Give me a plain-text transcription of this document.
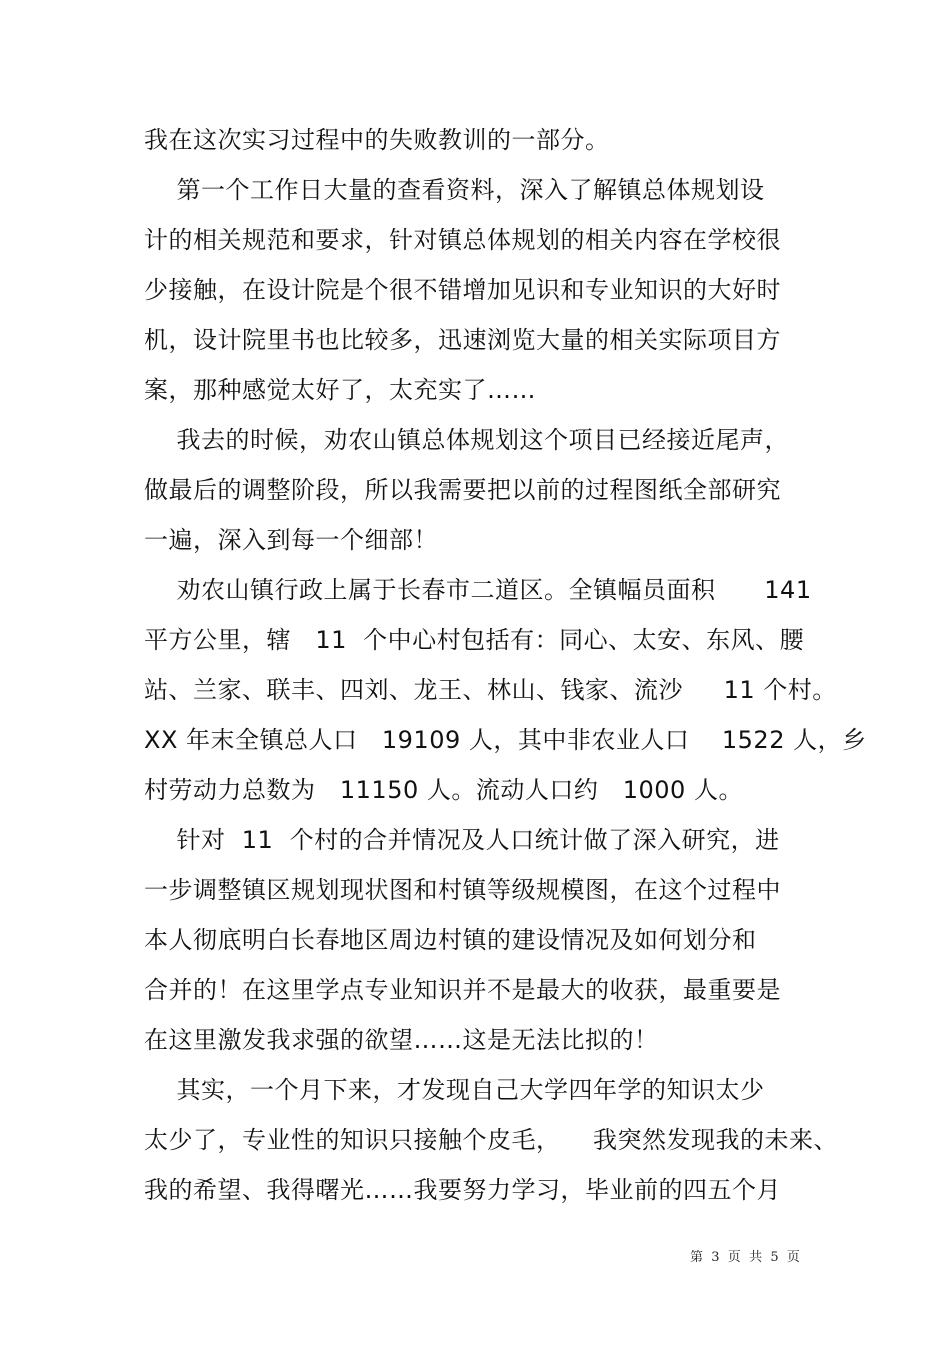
我在这次实习过程中的失败教训的一部分。
第一个工作日大量的查看资料，深入了解镇总体规划设
计的相关规范和要求，针对镇总体规划的相关内容在学校很
少接触，在设计院是个很不错增加见识和专业知识的大好时
机，设计院里书也比较多，迅速浏览大量的相关实际项目方
案，那种感觉太好了，太充实了……
我去的时候，劝农山镇总体规划这个项目已经接近尾声，
做最后的调整阶段，所以我需要把以前的过程图纸全部研究
一遍，深入到每一个细部！
劝农山镇行政上属于长春市二道区。全镇幅员面积      141
平方公里，辖   11  个中心村包括有：同心、太安、东风、腰
站、兰家、联丰、四刘、龙王、林山、钱家、流沙     11 个村。
XX 年末全镇总人口   19109 人，其中非农业人口    1522 人，乡
村劳动力总数为   11150 人。流动人口约   1000 人。
针对  11  个村的合并情况及人口统计做了深入研究，进
一步调整镇区规划现状图和村镇等级规模图，在这个过程中
本人彻底明白长春地区周边村镇的建设情况及如何划分和
合并的！在这里学点专业知识并不是最大的收获，最重要是
在这里激发我求强的欲望……这是无法比拟的！
其实，一个月下来，才发现自己大学四年学的知识太少
太少了，专业性的知识只接触个皮毛，    我突然发现我的未来、
我的希望、我得曙光……我要努力学习，毕业前的四五个月
第  3  页  共  5  页
